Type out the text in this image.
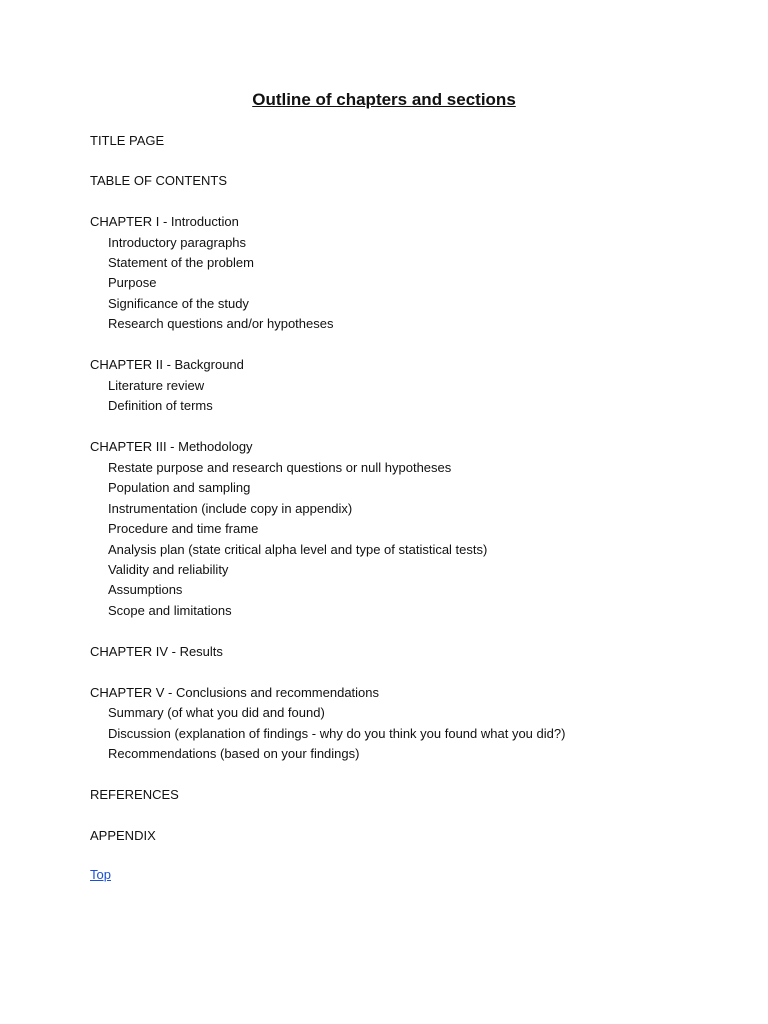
Outline of chapters and sections
TITLE PAGE
TABLE OF CONTENTS
CHAPTER I - Introduction
Introductory paragraphs
Statement of the problem
Purpose
Significance of the study
Research questions and/or hypotheses
CHAPTER II - Background
Literature review
Definition of terms
CHAPTER III - Methodology
Restate purpose and research questions or null hypotheses
Population and sampling
Instrumentation (include copy in appendix)
Procedure and time frame
Analysis plan (state critical alpha level and type of statistical tests)
Validity and reliability
Assumptions
Scope and limitations
CHAPTER IV - Results
CHAPTER V - Conclusions and recommendations
Summary (of what you did and found)
Discussion (explanation of findings - why do you think you found what you did?)
Recommendations (based on your findings)
REFERENCES
APPENDIX
Top
